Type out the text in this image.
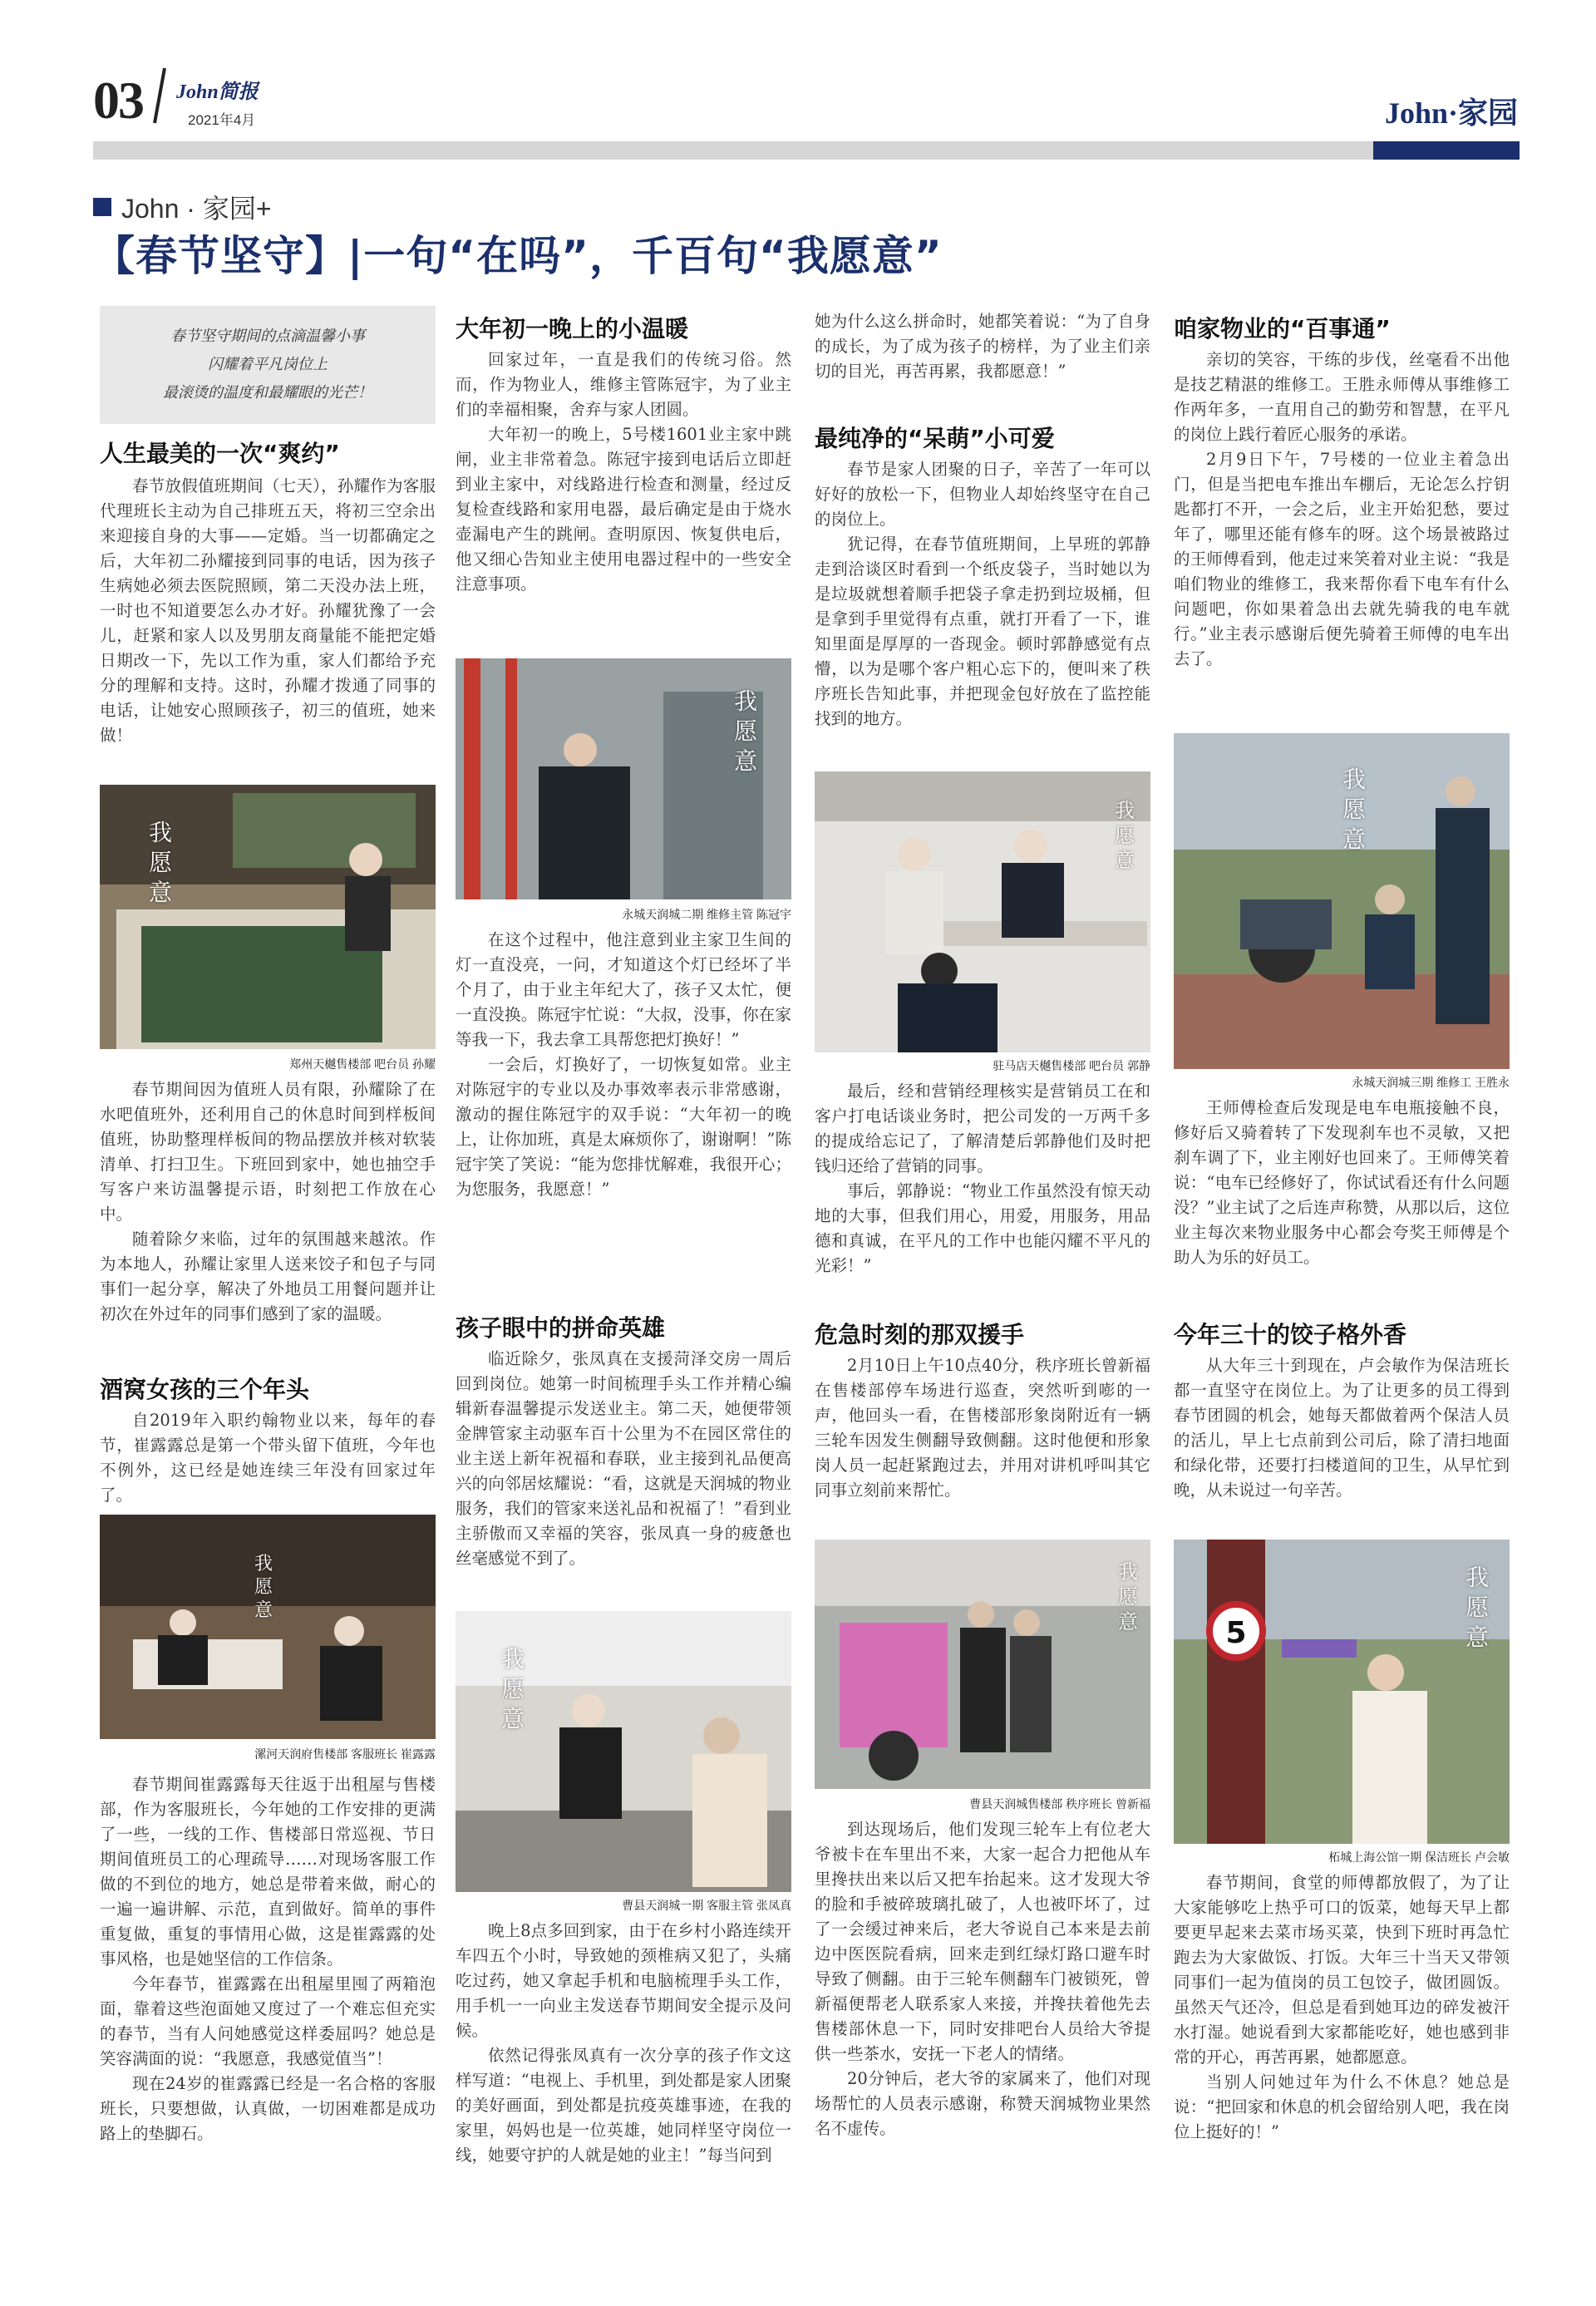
03 John简报
2021年4月	John·家园
John · 家园+
【春节坚守】|一句“在吗”，千百句“我愿意”
春节坚守期间的点滴温馨小事
闪耀着平凡岗位上
最滚烫的温度和最耀眼的光芒！
人生最美的一次“爽约”

春节放假值班期间（七天），孙耀作为客服代理班长主动为自己排班五天，将初三空余出来迎接自身的大事——定婚。当一切都确定之后，大年初二孙耀接到同事的电话，因为孩子生病她必须去医院照顾，第二天没办法上班，一时也不知道要怎么办才好。孙耀犹豫了一会儿，赶紧和家人以及男朋友商量能不能把定婚日期改一下，先以工作为重，家人们都给予充分的理解和支持。这时，孙耀才拨通了同事的电话，让她安心照顾孩子，初三的值班，她来做！

我愿意
郑州天樾售楼部 吧台员 孙耀

春节期间因为值班人员有限，孙耀除了在水吧值班外，还利用自己的休息时间到样板间值班，协助整理样板间的物品摆放并核对软装清单、打扫卫生。下班回到家中，她也抽空手写客户来访温馨提示语，时刻把工作放在心中。

随着除夕来临，过年的氛围越来越浓。作为本地人，孙耀让家里人送来饺子和包子与同事们一起分享，解决了外地员工用餐问题并让初次在外过年的同事们感到了家的温暖。

酒窝女孩的三个年头

自2019年入职约翰物业以来，每年的春节，崔露露总是第一个带头留下值班，今年也不例外，这已经是她连续三年没有回家过年了。

我愿意
漯河天润府售楼部 客服班长 崔露露

春节期间崔露露每天往返于出租屋与售楼部，作为客服班长，今年她的工作安排的更满了一些，一线的工作、售楼部日常巡视、节日期间值班员工的心理疏导……对现场客服工作做的不到位的地方，她总是带着来做，耐心的一遍一遍讲解、示范，直到做好。简单的事件重复做，重复的事情用心做，这是崔露露的处事风格，也是她坚信的工作信条。

今年春节，崔露露在出租屋里囤了两箱泡面，靠着这些泡面她又度过了一个难忘但充实的春节，当有人问她感觉这样委屈吗？她总是笑容满面的说：“我愿意，我感觉值当”！

现在24岁的崔露露已经是一名合格的客服班长，只要想做，认真做，一切困难都是成功路上的垫脚石。

大年初一晚上的小温暖

回家过年，一直是我们的传统习俗。然而，作为物业人，维修主管陈冠宇，为了业主们的幸福相聚，舍弃与家人团圆。

大年初一的晚上，5号楼1601业主家中跳闸，业主非常着急。陈冠宇接到电话后立即赶到业主家中，对线路进行检查和测量，经过反复检查线路和家用电器，最后确定是由于烧水壶漏电产生的跳闸。查明原因、恢复供电后，他又细心告知业主使用电器过程中的一些安全注意事项。

我愿意
永城天润城二期 维修主管 陈冠宇

在这个过程中，他注意到业主家卫生间的灯一直没亮，一问，才知道这个灯已经坏了半个月了，由于业主年纪大了，孩子又太忙，便一直没换。陈冠宇忙说：“大叔，没事，你在家等我一下，我去拿工具帮您把灯换好！”

一会后，灯换好了，一切恢复如常。业主对陈冠宇的专业以及办事效率表示非常感谢，激动的握住陈冠宇的双手说：“大年初一的晚上，让你加班，真是太麻烦你了，谢谢啊！”陈冠宇笑了笑说：“能为您排忧解难，我很开心；为您服务，我愿意！”

孩子眼中的拼命英雄

临近除夕，张凤真在支援菏泽交房一周后回到岗位。她第一时间梳理手头工作并精心编辑新春温馨提示发送业主。第二天，她便带领金牌管家主动驱车百十公里为不在园区常住的业主送上新年祝福和春联，业主接到礼品便高兴的向邻居炫耀说：“看，这就是天润城的物业服务，我们的管家来送礼品和祝福了！”看到业主骄傲而又幸福的笑容，张凤真一身的疲惫也丝毫感觉不到了。

我愿意
曹县天润城一期 客服主管 张凤真

晚上8点多回到家，由于在乡村小路连续开车四五个小时，导致她的颈椎病又犯了，头痛吃过药，她又拿起手机和电脑梳理手头工作，用手机一一向业主发送春节期间安全提示及问候。

依然记得张凤真有一次分享的孩子作文这样写道：“电视上、手机里，到处都是家人团聚的美好画面，到处都是抗疫英雄事迹，在我的家里，妈妈也是一位英雄，她同样坚守岗位一线，她要守护的人就是她的业主！”每当问到

她为什么这么拼命时，她都笑着说：“为了自身的成长，为了成为孩子的榜样，为了业主们亲切的目光，再苦再累，我都愿意！”

最纯净的“呆萌”小可爱

春节是家人团聚的日子，辛苦了一年可以好好的放松一下，但物业人却始终坚守在自己的岗位上。

犹记得，在春节值班期间，上早班的郭静走到洽谈区时看到一个纸皮袋子，当时她以为是垃圾就想着顺手把袋子拿走扔到垃圾桶，但是拿到手里觉得有点重，就打开看了一下，谁知里面是厚厚的一沓现金。顿时郭静感觉有点懵，以为是哪个客户粗心忘下的，便叫来了秩序班长告知此事，并把现金包好放在了监控能找到的地方。

我愿意
驻马店天樾售楼部 吧台员 郭静

最后，经和营销经理核实是营销员工在和客户打电话谈业务时，把公司发的一万两千多的提成给忘记了，了解清楚后郭静他们及时把钱归还给了营销的同事。

事后，郭静说：“物业工作虽然没有惊天动地的大事，但我们用心，用爱，用服务，用品德和真诚，在平凡的工作中也能闪耀不平凡的光彩！”

危急时刻的那双援手

2月10日上午10点40分，秩序班长曾新福在售楼部停车场进行巡查，突然听到嘭的一声，他回头一看，在售楼部形象岗附近有一辆三轮车因发生侧翻导致侧翻。这时他便和形象岗人员一起赶紧跑过去，并用对讲机呼叫其它同事立刻前来帮忙。

我愿意
曹县天润城售楼部 秩序班长 曾新福

到达现场后，他们发现三轮车上有位老大爷被卡在车里出不来，大家一起合力把他从车里搀扶出来以后又把车抬起来。这才发现大爷的脸和手被碎玻璃扎破了，人也被吓坏了，过了一会缓过神来后，老大爷说自己本来是去前边中医医院看病，回来走到红绿灯路口避车时导致了侧翻。由于三轮车侧翻车门被锁死，曾新福便帮老人联系家人来接，并搀扶着他先去售楼部休息一下，同时安排吧台人员给大爷提供一些茶水，安抚一下老人的情绪。

20分钟后，老大爷的家属来了，他们对现场帮忙的人员表示感谢，称赞天润城物业果然名不虚传。

咱家物业的“百事通”

亲切的笑容，干练的步伐，丝毫看不出他是技艺精湛的维修工。王胜永师傅从事维修工作两年多，一直用自己的勤劳和智慧，在平凡的岗位上践行着匠心服务的承诺。

2月9日下午，7号楼的一位业主着急出门，但是当把电车推出车棚后，无论怎么拧钥匙都打不开，一会之后，业主开始犯愁，要过年了，哪里还能有修车的呀。这个场景被路过的王师傅看到，他走过来笑着对业主说：“我是咱们物业的维修工，我来帮你看下电车有什么问题吧，你如果着急出去就先骑我的电车就行。”业主表示感谢后便先骑着王师傅的电车出去了。

我愿意
永城天润城三期 维修工 王胜永

王师傅检查后发现是电车电瓶接触不良，修好后又骑着转了下发现刹车也不灵敏，又把刹车调了下，业主刚好也回来了。王师傅笑着说：“电车已经修好了，你试试看还有什么问题没？”业主试了之后连声称赞，从那以后，这位业主每次来物业服务中心都会夸奖王师傅是个助人为乐的好员工。

今年三十的饺子格外香

从大年三十到现在，卢会敏作为保洁班长都一直坚守在岗位上。为了让更多的员工得到春节团圆的机会，她每天都做着两个保洁人员的活儿，早上七点前到公司后，除了清扫地面和绿化带，还要打扫楼道间的卫生，从早忙到晚，从未说过一句辛苦。

5
我愿意
柘城上海公馆一期 保洁班长 卢会敏

春节期间，食堂的师傅都放假了，为了让大家能够吃上热乎可口的饭菜，她每天早上都要更早起来去菜市场买菜，快到下班时再急忙跑去为大家做饭、打饭。大年三十当天又带领同事们一起为值岗的员工包饺子，做团圆饭。虽然天气还冷，但总是看到她耳边的碎发被汗水打湿。她说看到大家都能吃好，她也感到非常的开心，再苦再累，她都愿意。

当别人问她过年为什么不休息？她总是说：“把回家和休息的机会留给别人吧，我在岗位上挺好的！”
